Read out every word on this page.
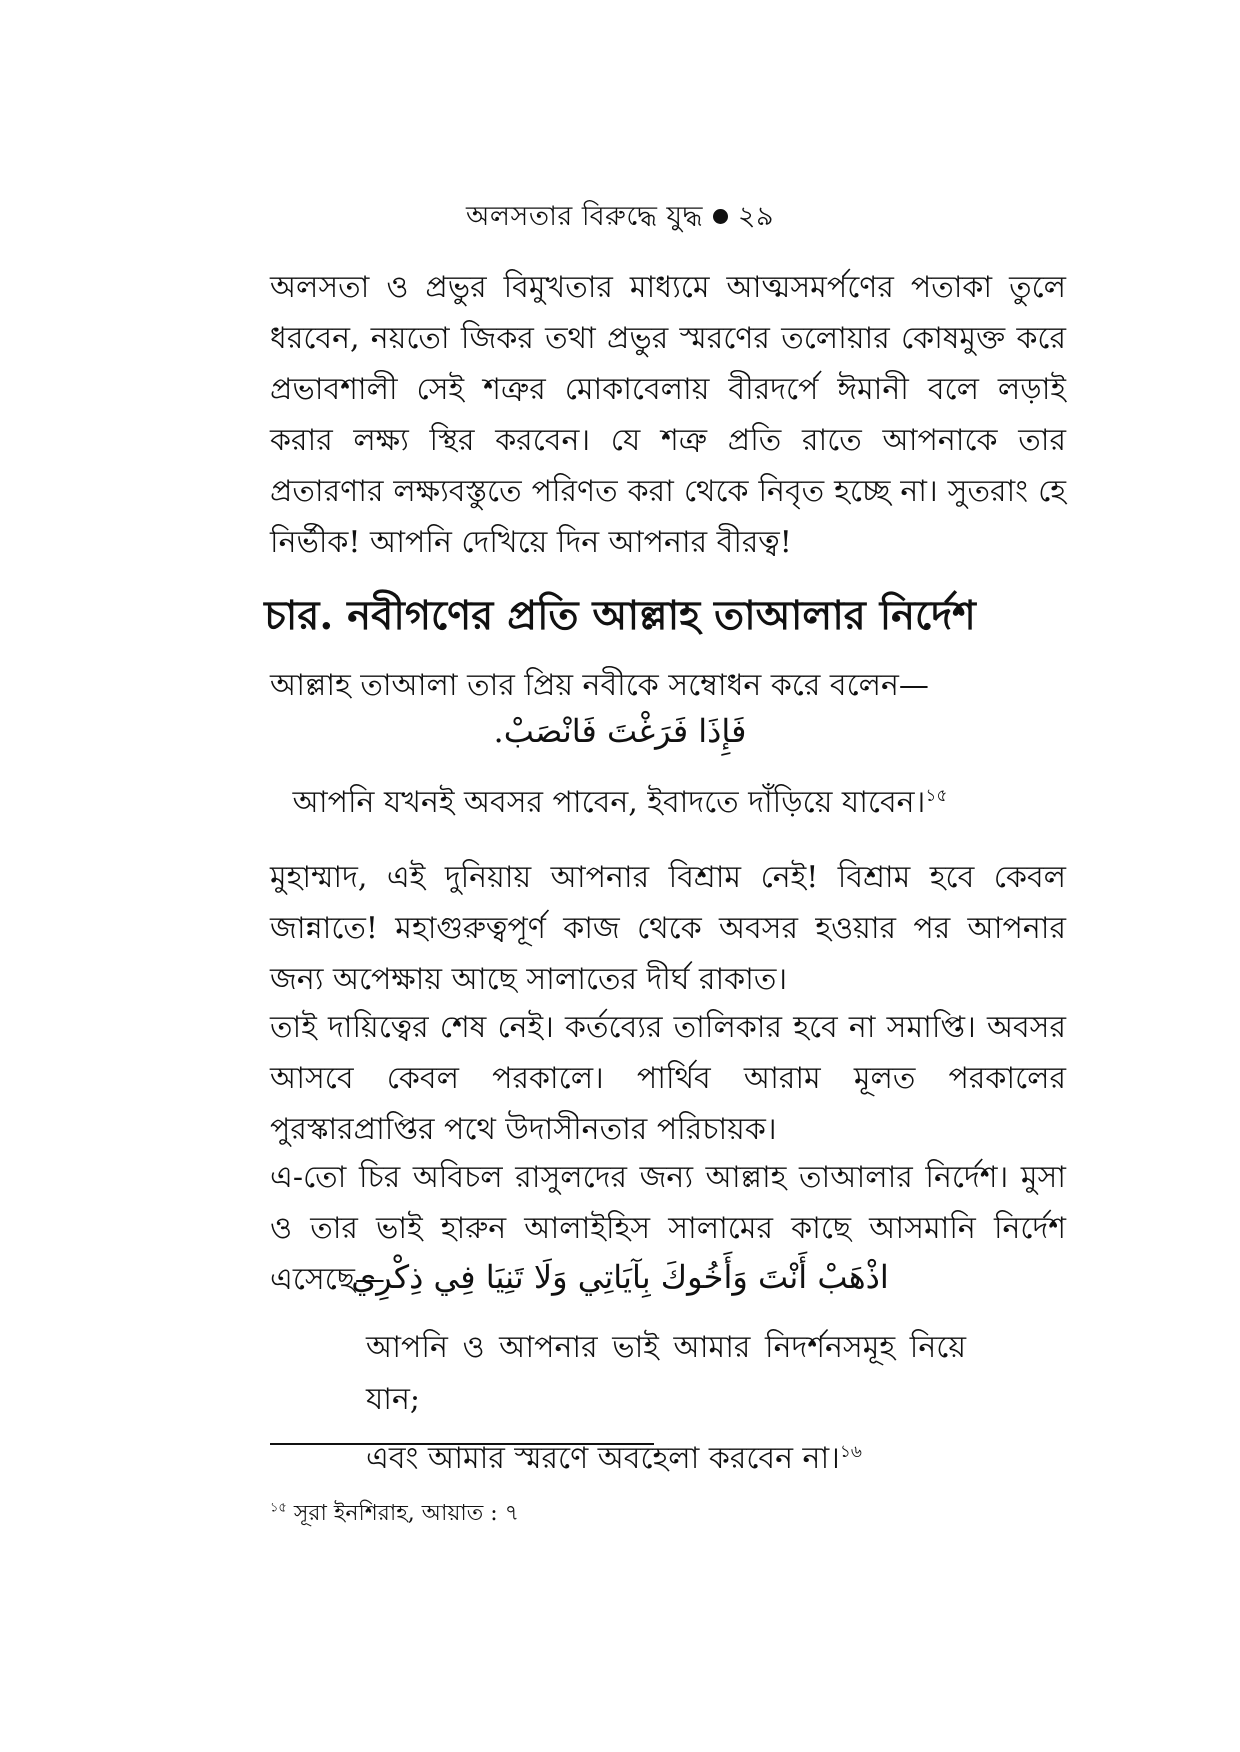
অলসতার বিরুদ্ধে যুদ্ধ ২৯

অলসতা ও প্রভুর বিমুখতার মাধ্যমে আত্মসমর্পণের পতাকা তুলে ধরবেন, নয়তো জিকর তথা প্রভুর স্মরণের তলোয়ার কোষমুক্ত করে প্রভাবশালী সেই শত্রুর মোকাবেলায় বীরদর্পে ঈমানী বলে লড়াই করার লক্ষ্য স্থির করবেন। যে শত্রু প্রতি রাতে আপনাকে তার প্রতারণার লক্ষ্যবস্তুতে পরিণত করা থেকে নিবৃত হচ্ছে না। সুতরাং হে নির্ভীক! আপনি দেখিয়ে দিন আপনার বীরত্ব!

চার. নবীগণের প্রতি আল্লাহ তাআলার নির্দেশ

আল্লাহ তাআলা তার প্রিয় নবীকে সম্বোধন করে বলেন—

فَإِذَا فَرَغْتَ فَانْصَبْ.

আপনি যখনই অবসর পাবেন, ইবাদতে দাঁড়িয়ে যাবেন।$^{১৫}$

মুহাম্মাদ, এই দুনিয়ায় আপনার বিশ্রাম নেই! বিশ্রাম হবে কেবল জান্নাতে! মহাগুরুত্বপূর্ণ কাজ থেকে অবসর হওয়ার পর আপনার জন্য অপেক্ষায় আছে সালাতের দীর্ঘ রাকাত।

তাই দায়িত্বের শেষ নেই। কর্তব্যের তালিকার হবে না সমাপ্তি। অবসর আসবে কেবল পরকালে। পার্থিব আরাম মূলত পরকালের পুরস্কারপ্রাপ্তির পথে উদাসীনতার পরিচায়ক।

এ-তো চির অবিচল রাসুলদের জন্য আল্লাহ তাআলার নির্দেশ। মুসা ও তার ভাই হারুন আলাইহিস সালামের কাছে আসমানি নির্দেশ এসেছে—

اذْهَبْ أَنْتَ وَأَخُوكَ بِآيَاتِي وَلَا تَنِيَا فِي ذِكْرِي

আপনি ও আপনার ভাই আমার নিদর্শনসমূহ নিয়ে যান;
এবং আমার স্মরণে অবহেলা করবেন না।$^{১৬}$

$^{১৫}$ সূরা ইনশিরাহ, আয়াত : ৭
